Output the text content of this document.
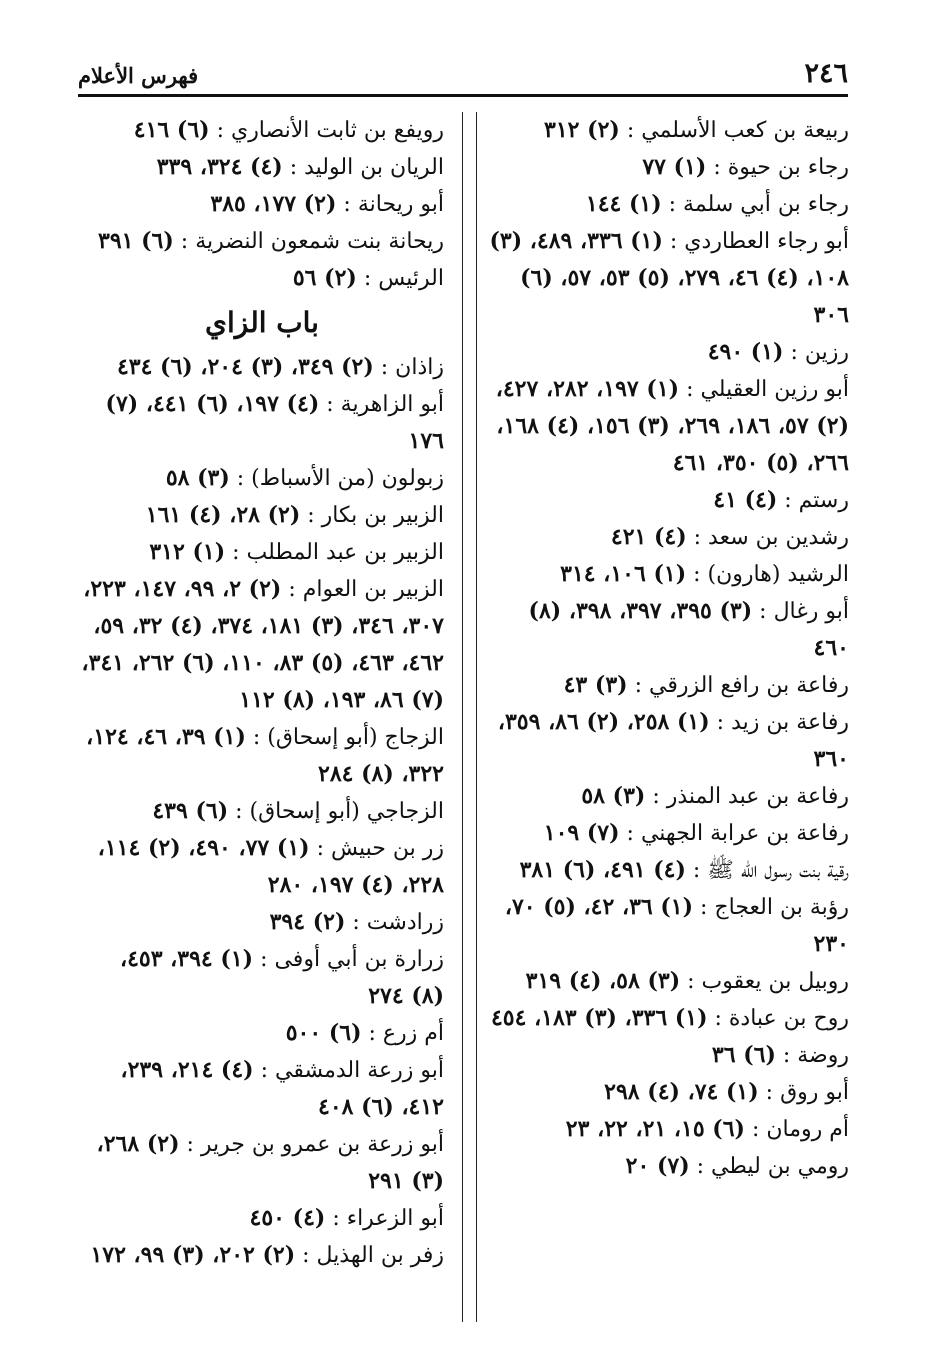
٢٤٦
فهرس الأعلام

ربيعة بن كعب الأسلمي : (٢) ٣١٢

رجاء بن حيوة : (١) ٧٧

رجاء بن أبي سلمة : (١) ١٤٤

أبو رجاء العطاردي : (١) ٣٣٦، ٤٨٩، (٣) ١٠٨، (٤) ٤٦، ٢٧٩، (٥) ٥٣، ٥٧، (٦) ٣٠٦

رزين : (١) ٤٩٠

أبو رزين العقيلي : (١) ١٩٧، ٢٨٢، ٤٢٧، (٢) ٥٧، ١٨٦، ٢٦٩، (٣) ١٥٦، (٤) ١٦٨، ٢٦٦، (٥) ٣٥٠، ٤٦١

رستم : (٤) ٤١

رشدين بن سعد : (٤) ٤٢١

الرشيد (هارون) : (١) ١٠٦، ٣١٤

أبو رغال : (٣) ٣٩٥، ٣٩٧، ٣٩٨، (٨) ٤٦٠

رفاعة بن رافع الزرقي : (٣) ٤٣

رفاعة بن زيد : (١) ٢٥٨، (٢) ٨٦، ٣٥٩، ٣٦٠

رفاعة بن عبد المنذر : (٣) ٥٨

رفاعة بن عرابة الجهني : (٧) ١٠٩

رقية بنت رسول الله ﷺ : (٤) ٤٩١، (٦) ٣٨١

رؤبة بن العجاج : (١) ٣٦، ٤٢، (٥) ٧٠، ٢٣٠

روبيل بن يعقوب : (٣) ٥٨، (٤) ٣١٩

روح بن عبادة : (١) ٣٣٦، (٣) ١٨٣، ٤٥٤

روضة : (٦) ٣٦

أبو روق : (١) ٧٤، (٤) ٢٩٨

أم رومان : (٦) ١٥، ٢١، ٢٢، ٢٣

رومي بن ليطي : (٧) ٢٠

رويفع بن ثابت الأنصاري : (٦) ٤١٦

الريان بن الوليد : (٤) ٣٢٤، ٣٣٩

أبو ريحانة : (٢) ١٧٧، ٣٨٥

ريحانة بنت شمعون النضرية : (٦) ٣٩١

الرئيس : (٢) ٥٦

باب الزاي

زاذان : (٢) ٣٤٩، (٣) ٢٠٤، (٦) ٤٣٤

أبو الزاهرية : (٤) ١٩٧، (٦) ٤٤١، (٧) ١٧٦

زبولون (من الأسباط) : (٣) ٥٨

الزبير بن بكار : (٢) ٢٨، (٤) ١٦١

الزبير بن عبد المطلب : (١) ٣١٢

الزبير بن العوام : (٢) ٢، ٩٩، ١٤٧، ٢٢٣، ٣٠٧، ٣٤٦، (٣) ١٨١، ٣٧٤، (٤) ٣٢، ٥٩، ٤٦٢، ٤٦٣، (٥) ٨٣، ١١٠، (٦) ٢٦٢، ٣٤١، (٧) ٨٦، ١٩٣، (٨) ١١٢

الزجاج (أبو إسحاق) : (١) ٣٩، ٤٦، ١٢٤، ٣٢٢، (٨) ٢٨٤

الزجاجي (أبو إسحاق) : (٦) ٤٣٩

زر بن حبيش : (١) ٧٧، ٤٩٠، (٢) ١١٤، ٢٢٨، (٤) ١٩٧، ٢٨٠

زرادشت : (٢) ٣٩٤

زرارة بن أبي أوفى : (١) ٣٩٤، ٤٥٣، (٨) ٢٧٤

أم زرع : (٦) ٥٠٠

أبو زرعة الدمشقي : (٤) ٢١٤، ٢٣٩، ٤١٢، (٦) ٤٠٨

أبو زرعة بن عمرو بن جرير : (٢) ٢٦٨، (٣) ٢٩١

أبو الزعراء : (٤) ٤٥٠

زفر بن الهذيل : (٢) ٢٠٢، (٣) ٩٩، ١٧٢
